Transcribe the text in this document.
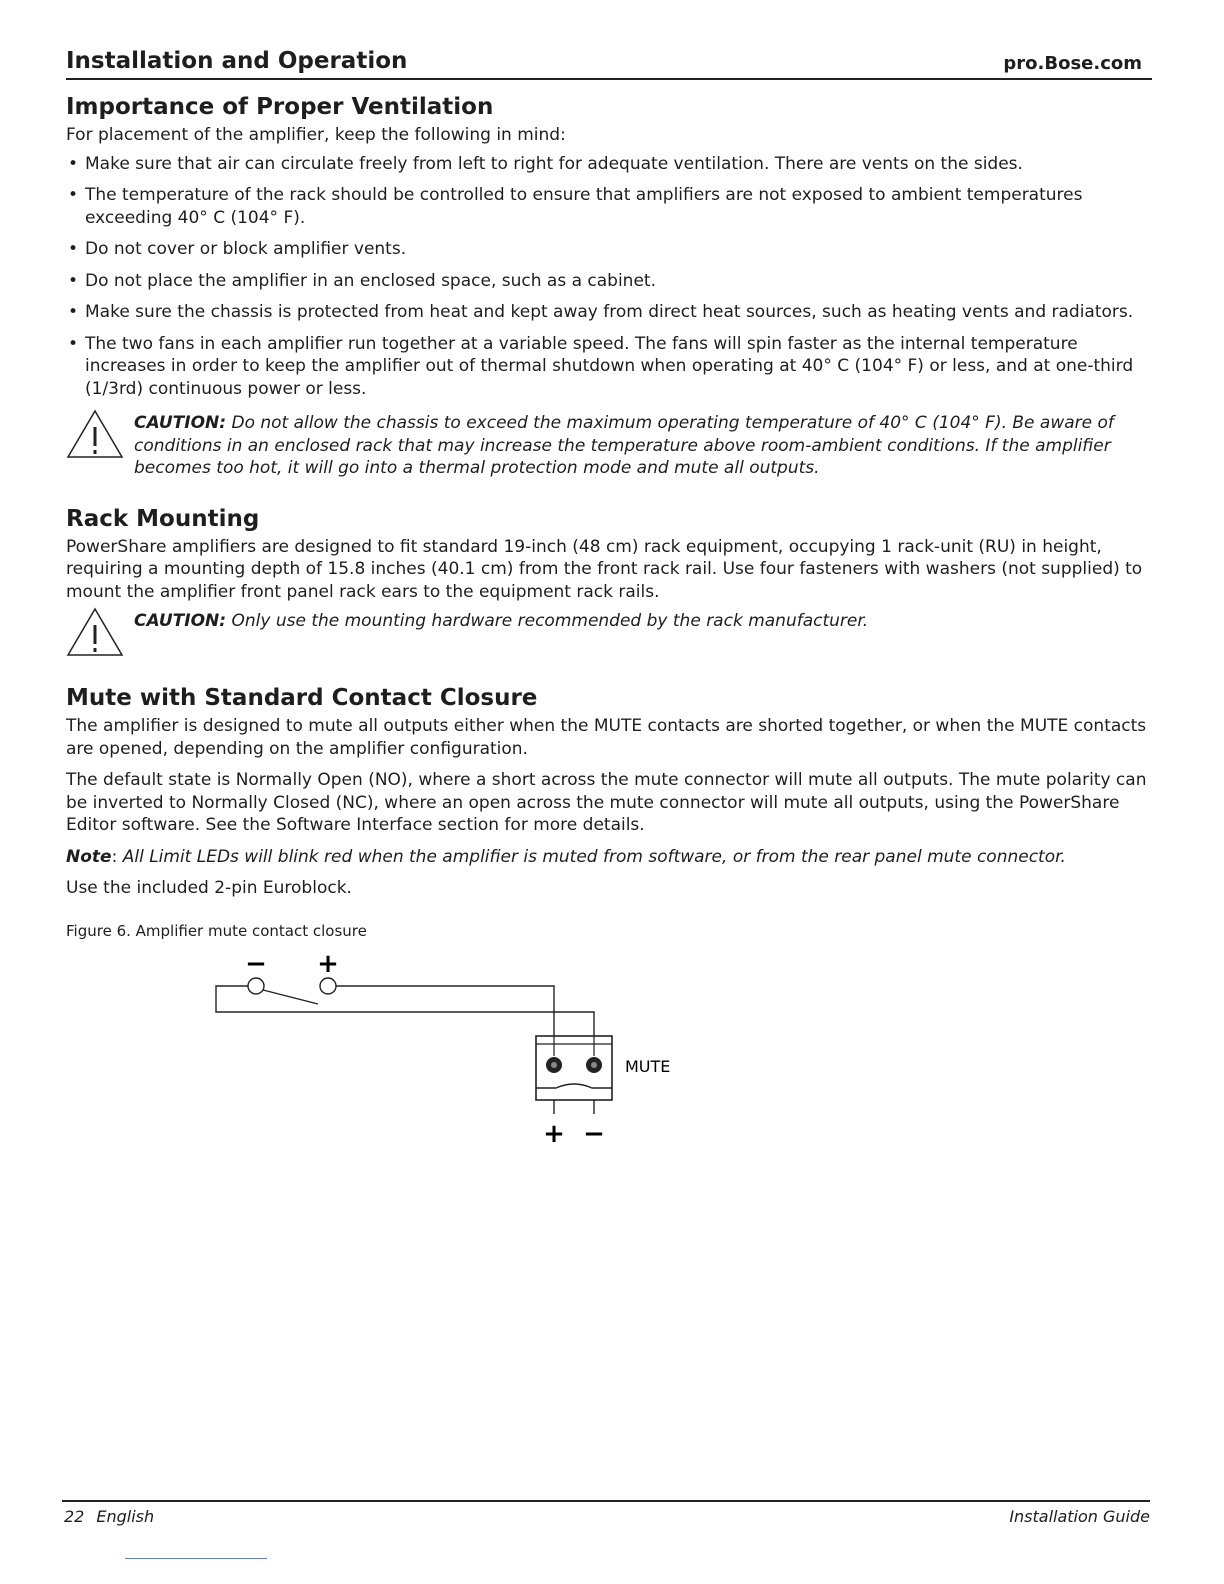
Installation and Operation	pro.Bose.com
Importance of Proper Ventilation

For placement of the amplifier, keep the following in mind:

• Make sure that air can circulate freely from left to right for adequate ventilation. There are vents on the sides.
• The temperature of the rack should be controlled to ensure that amplifiers are not exposed to ambient temperatures exceeding 40° C (104° F).
• Do not cover or block amplifier vents.
• Do not place the amplifier in an enclosed space, such as a cabinet.
• Make sure the chassis is protected from heat and kept away from direct heat sources, such as heating vents and radiators.
• The two fans in each amplifier run together at a variable speed. The fans will spin faster as the internal temperature increases in order to keep the amplifier out of thermal shutdown when operating at 40° C (104° F) or less, and at one-third (1/3rd) continuous power or less.

CAUTION: Do not allow the chassis to exceed the maximum operating temperature of 40° C (104° F). Be aware of conditions in an enclosed rack that may increase the temperature above room-ambient conditions. If the amplifier becomes too hot, it will go into a thermal protection mode and mute all outputs.

Rack Mounting

PowerShare amplifiers are designed to fit standard 19-inch (48 cm) rack equipment, occupying 1 rack-unit (RU) in height, requiring a mounting depth of 15.8 inches (40.1 cm) from the front rack rail. Use four fasteners with washers (not supplied) to mount the amplifier front panel rack ears to the equipment rack rails.

CAUTION: Only use the mounting hardware recommended by the rack manufacturer.

Mute with Standard Contact Closure

The amplifier is designed to mute all outputs either when the MUTE contacts are shorted together, or when the MUTE contacts are opened, depending on the amplifier configuration.

The default state is Normally Open (NO), where a short across the mute connector will mute all outputs. The mute polarity can be inverted to Normally Closed (NC), where an open across the mute connector will mute all outputs, using the PowerShare Editor software. See the Software Interface section for more details.

Note: All Limit LEDs will blink red when the amplifier is muted from software, or from the rear panel mute connector.

Use the included 2-pin Euroblock.

Figure 6. Amplifier mute contact closure

− +
MUTE
+ −
22 English	Installation Guide
